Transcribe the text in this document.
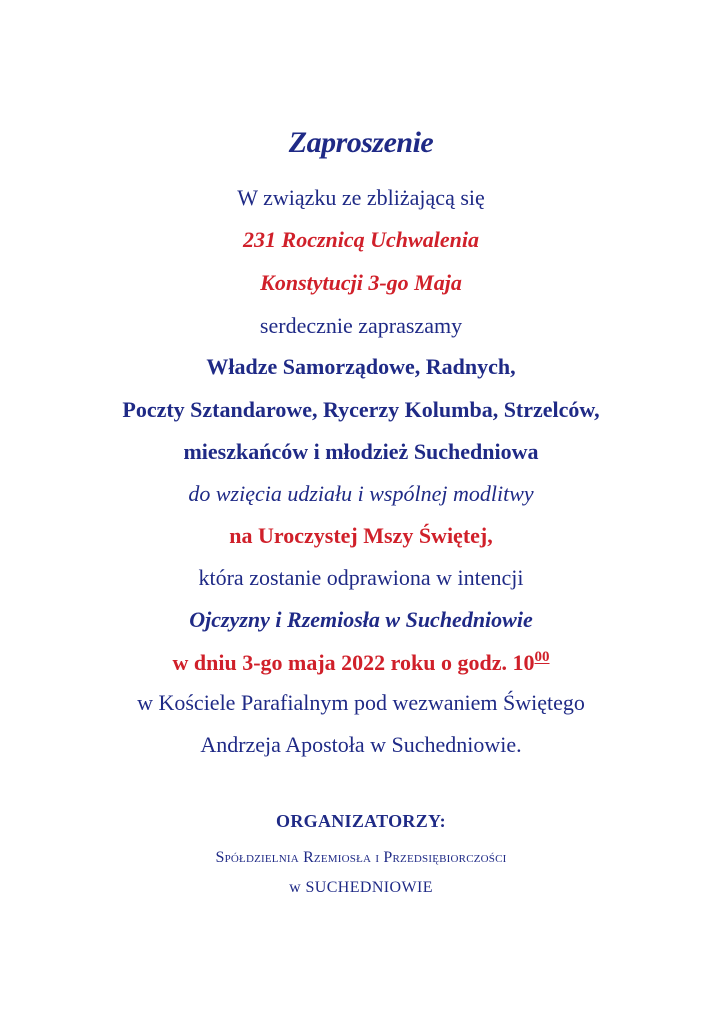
Zaproszenie
W związku ze zbliżającą się
231 Rocznicą Uchwalenia
Konstytucji 3-go Maja
serdecznie zapraszamy
Władze Samorządowe, Radnych,
Poczty Sztandarowe, Rycerzy Kolumba, Strzelców,
mieszkańców i młodzież Suchedniowa
do wzięcia udziału i wspólnej modlitwy
na Uroczystej Mszy Świętej,
która zostanie odprawiona w intencji
Ojczyzny i Rzemiosła w Suchedniowie
w dniu 3-go maja 2022 roku o godz. $10^{00}$
w Kościele Parafialnym pod wezwaniem Świętego
Andrzeja Apostoła w Suchedniowie.
ORGANIZATORZY:
Spółdzielnia Rzemiosła i Przedsiębiorczości
w SUCHEDNIOWIE
